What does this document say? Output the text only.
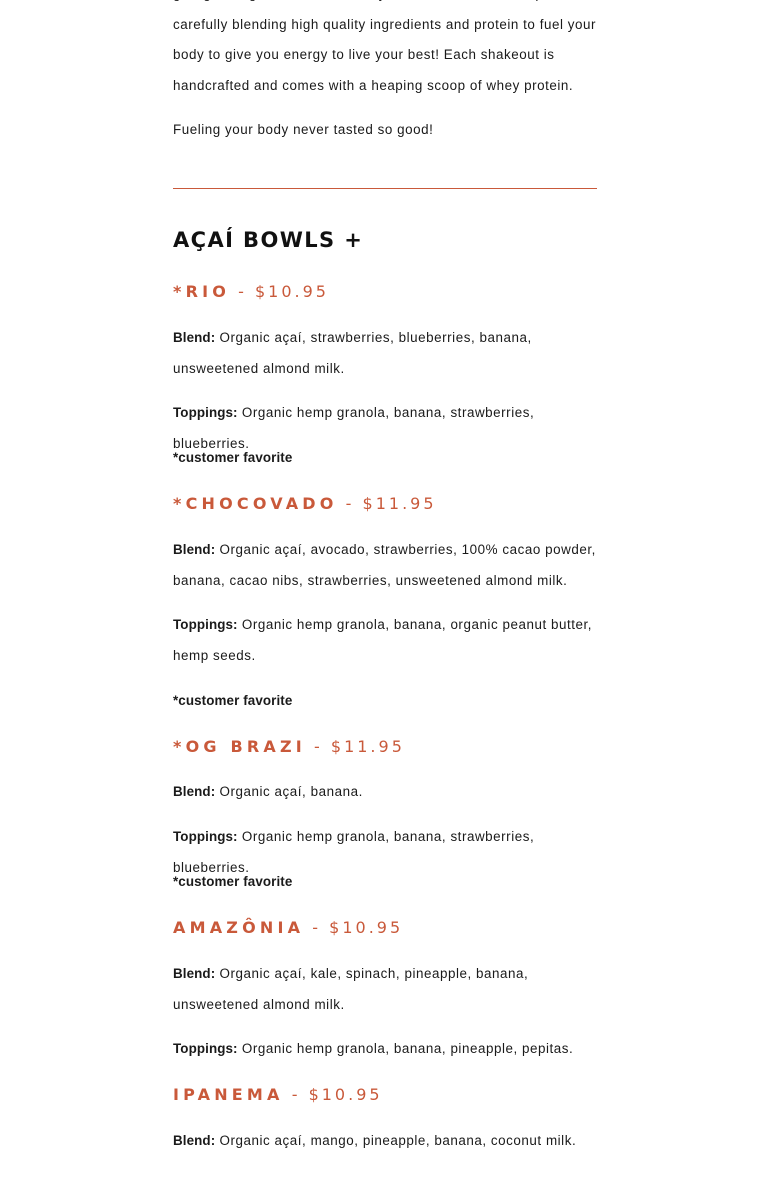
carefully blending high quality ingredients and protein to fuel your body to give you energy to live your best! Each shakeout is handcrafted and comes with a heaping scoop of whey protein.

Fueling your body never tasted so good!

AÇAÍ BOWLS +
*RIO - $10.95

Blend: Organic açaí, strawberries, blueberries, banana, unsweetened almond milk.

Toppings: Organic hemp granola, banana, strawberries, blueberries.

*customer favorite

*CHOCOVADO - $11.95

Blend: Organic açaí, avocado, strawberries, 100% cacao powder, banana, cacao nibs, strawberries, unsweetened almond milk.

Toppings: Organic hemp granola, banana, organic peanut butter, hemp seeds.

*customer favorite

*OG BRAZI - $11.95

Blend: Organic açaí, banana.

Toppings: Organic hemp granola, banana, strawberries, blueberries.

*customer favorite

AMAZÔNIA - $10.95

Blend: Organic açaí, kale, spinach, pineapple, banana, unsweetened almond milk.

Toppings: Organic hemp granola, banana, pineapple, pepitas.

IPANEMA - $10.95

Blend: Organic açaí, mango, pineapple, banana, coconut milk.
